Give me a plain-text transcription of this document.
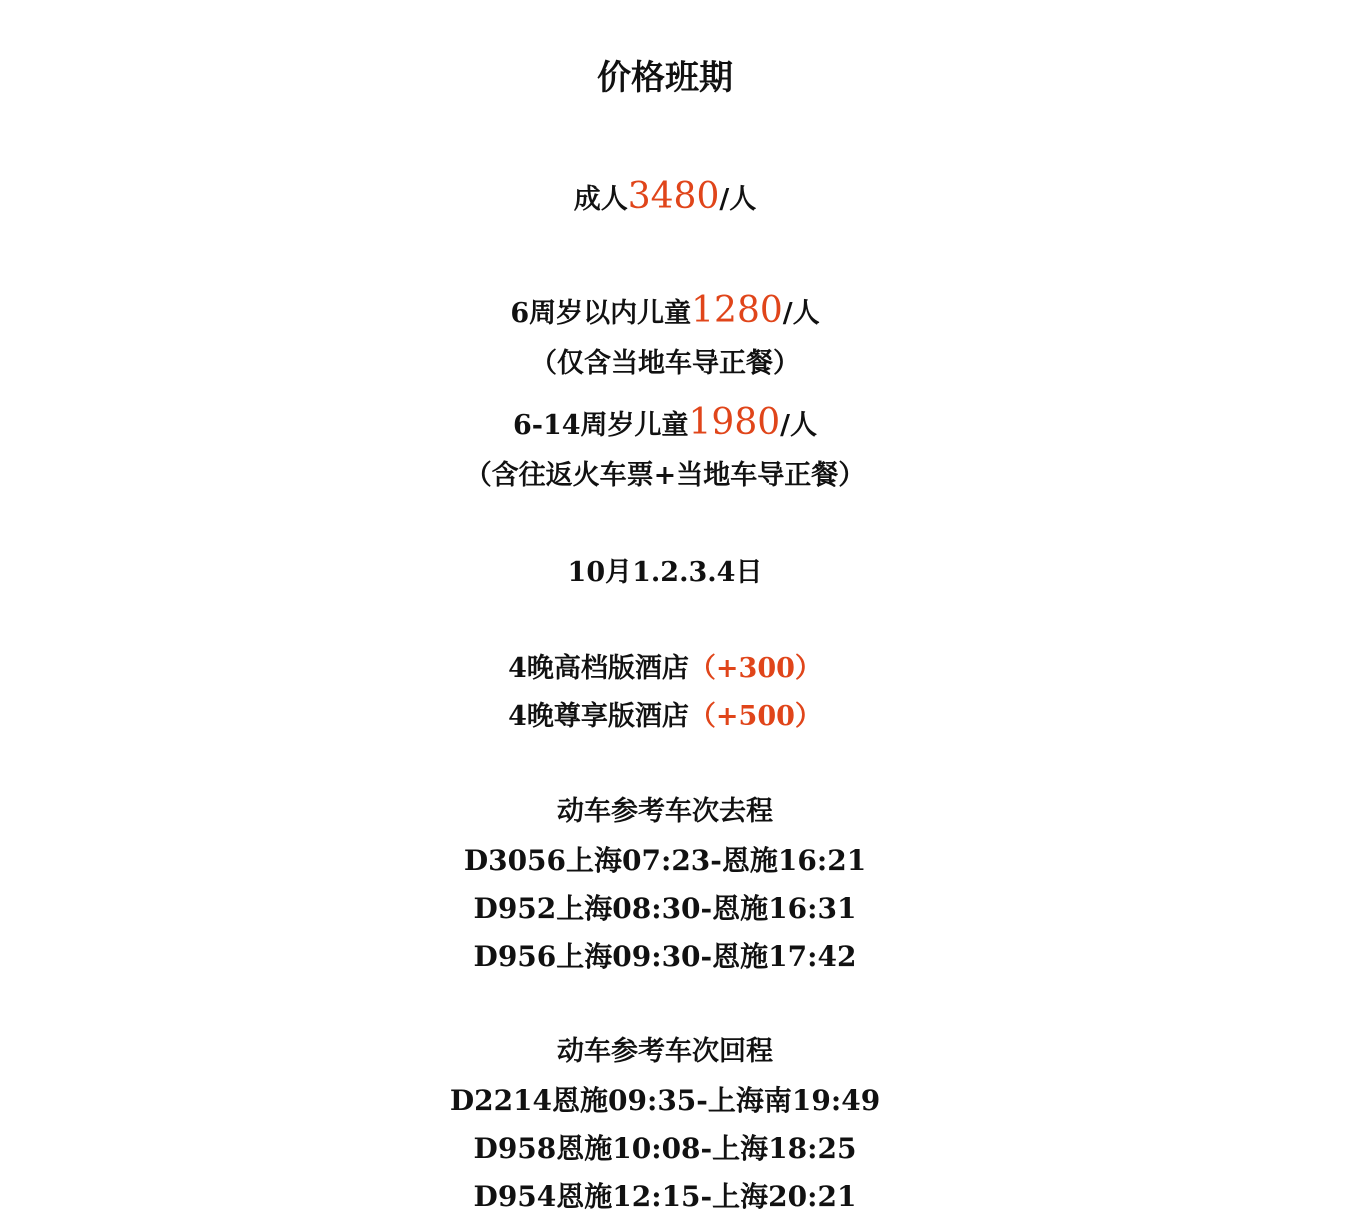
价格班期
成人3480/人
6周岁以内儿童1280/人
（仅含当地车导正餐）
6-14周岁儿童1980/人
（含往返火车票+当地车导正餐）
10月1.2.3.4日
4晚高档版酒店（+300）
4晚尊享版酒店（+500）
动车参考车次去程
D3056上海07:23-恩施16:21
D952上海08:30-恩施16:31
D956上海09:30-恩施17:42
动车参考车次回程
D2214恩施09:35-上海南19:49
D958恩施10:08-上海18:25
D954恩施12:15-上海20:21
